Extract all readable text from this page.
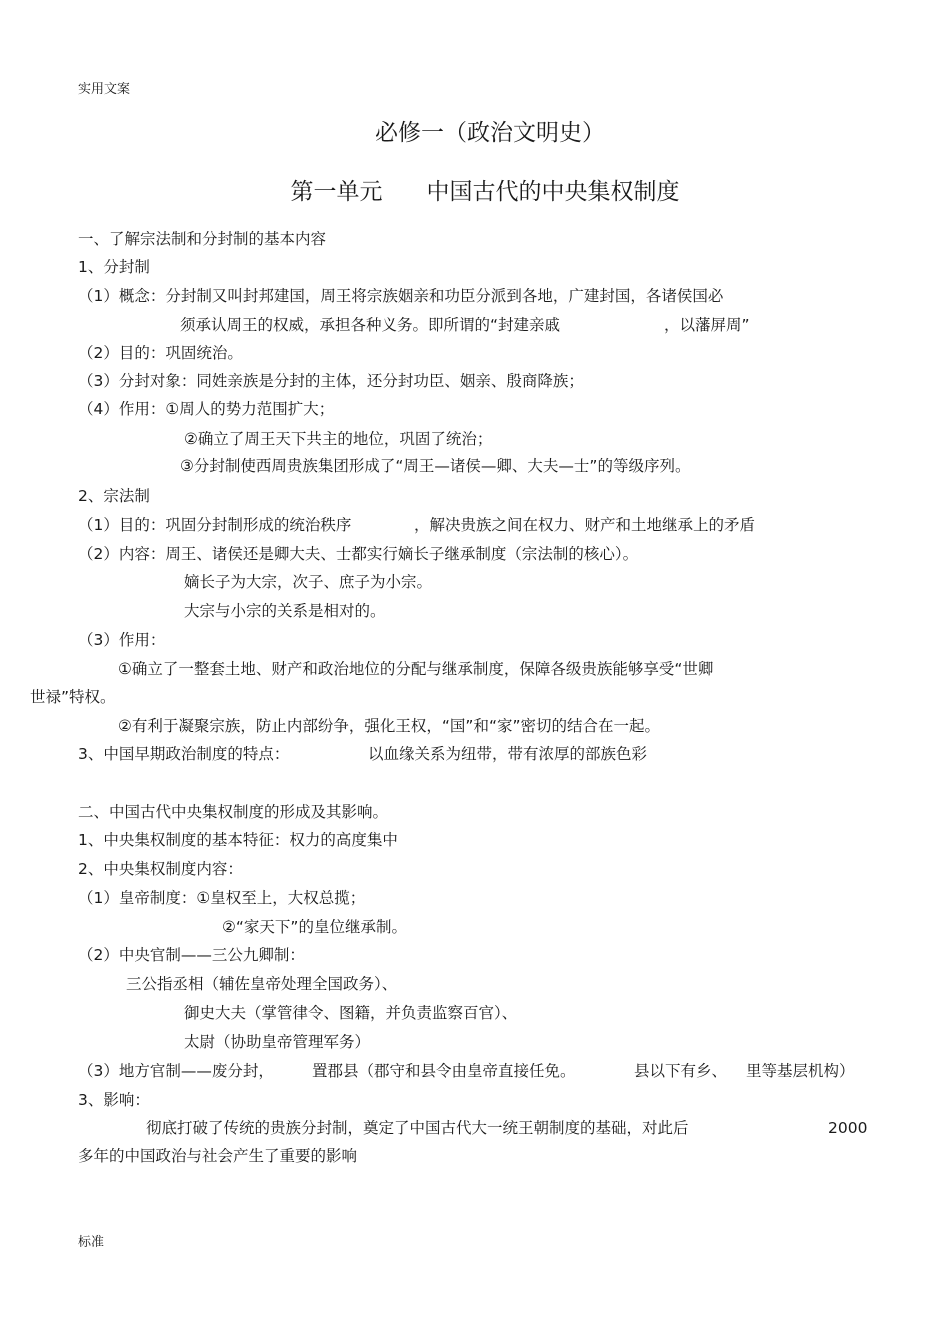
实用文案
必修一（政治文明史）
第一单元 中国古代的中央集权制度
一、了解宗法制和分封制的基本内容
1、分封制
（1）概念：分封制又叫封邦建国，周王将宗族姻亲和功臣分派到各地，广建封国，各诸侯国必
须承认周王的权威，承担各种义务。即所谓的“封建亲戚	，以藩屏周”
（2）目的：巩固统治。
（3）分封对象：同姓亲族是分封的主体，还分封功臣、姻亲、殷商降族；
（4）作用：①周人的势力范围扩大；
②确立了周王天下共主的地位，巩固了统治；
③分封制使西周贵族集团形成了“周王—诸侯—卿、大夫—士”的等级序列。
2、宗法制
（1）目的：巩固分封制形成的统治秩序	，解决贵族之间在权力、财产和土地继承上的矛盾
（2）内容：周王、诸侯还是卿大夫、士都实行嫡长子继承制度（宗法制的核心）。
嫡长子为大宗，次子、庶子为小宗。
大宗与小宗的关系是相对的。
（3）作用：
①确立了一整套土地、财产和政治地位的分配与继承制度，保障各级贵族能够享受“世卿
世禄”特权。
②有利于凝聚宗族，防止内部纷争，强化王权，“国”和“家”密切的结合在一起。
3、中国早期政治制度的特点：	以血缘关系为纽带，带有浓厚的部族色彩
二、中国古代中央集权制度的形成及其影响。
1、中央集权制度的基本特征：权力的高度集中
2、中央集权制度内容：
（1）皇帝制度：①皇权至上，大权总揽；
②“家天下”的皇位继承制。
（2）中央官制——三公九卿制：
三公指丞相（辅佐皇帝处理全国政务）、
御史大夫（掌管律令、图籍，并负责监察百官）、
太尉（协助皇帝管理军务）
（3）地方官制——废分封， 置郡县（郡守和县令由皇帝直接任免。	县以下有乡、 里等基层机构）
3、影响：
彻底打破了传统的贵族分封制，奠定了中国古代大一统王朝制度的基础，对此后	2000
多年的中国政治与社会产生了重要的影响
标准
